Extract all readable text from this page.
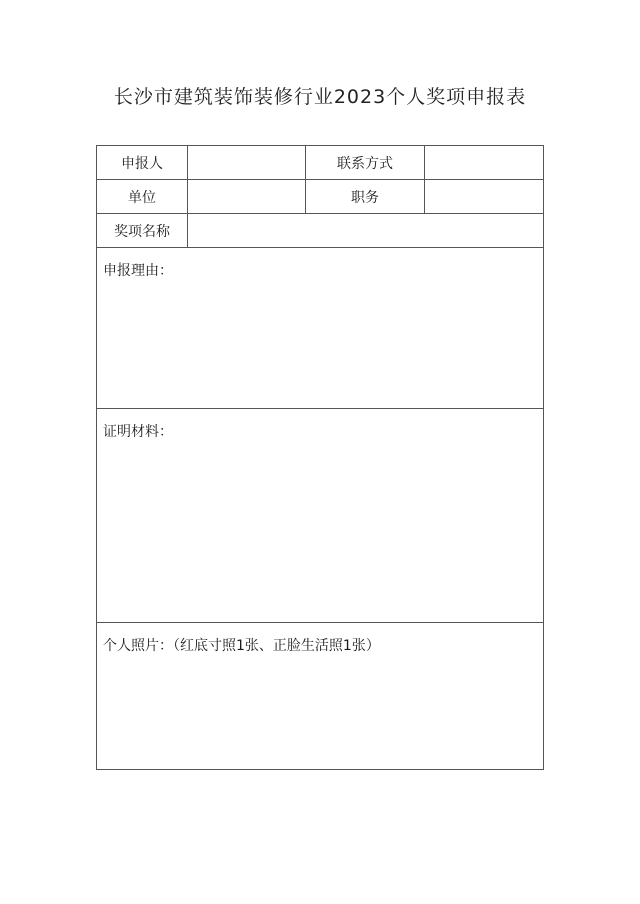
长沙市建筑装饰装修行业2023个人奖项申报表
申报人		联系方式	
单位		职务	
奖项名称			
申报理由：			
证明材料：			
个人照片：（红底寸照1张、正脸生活照1张）			
